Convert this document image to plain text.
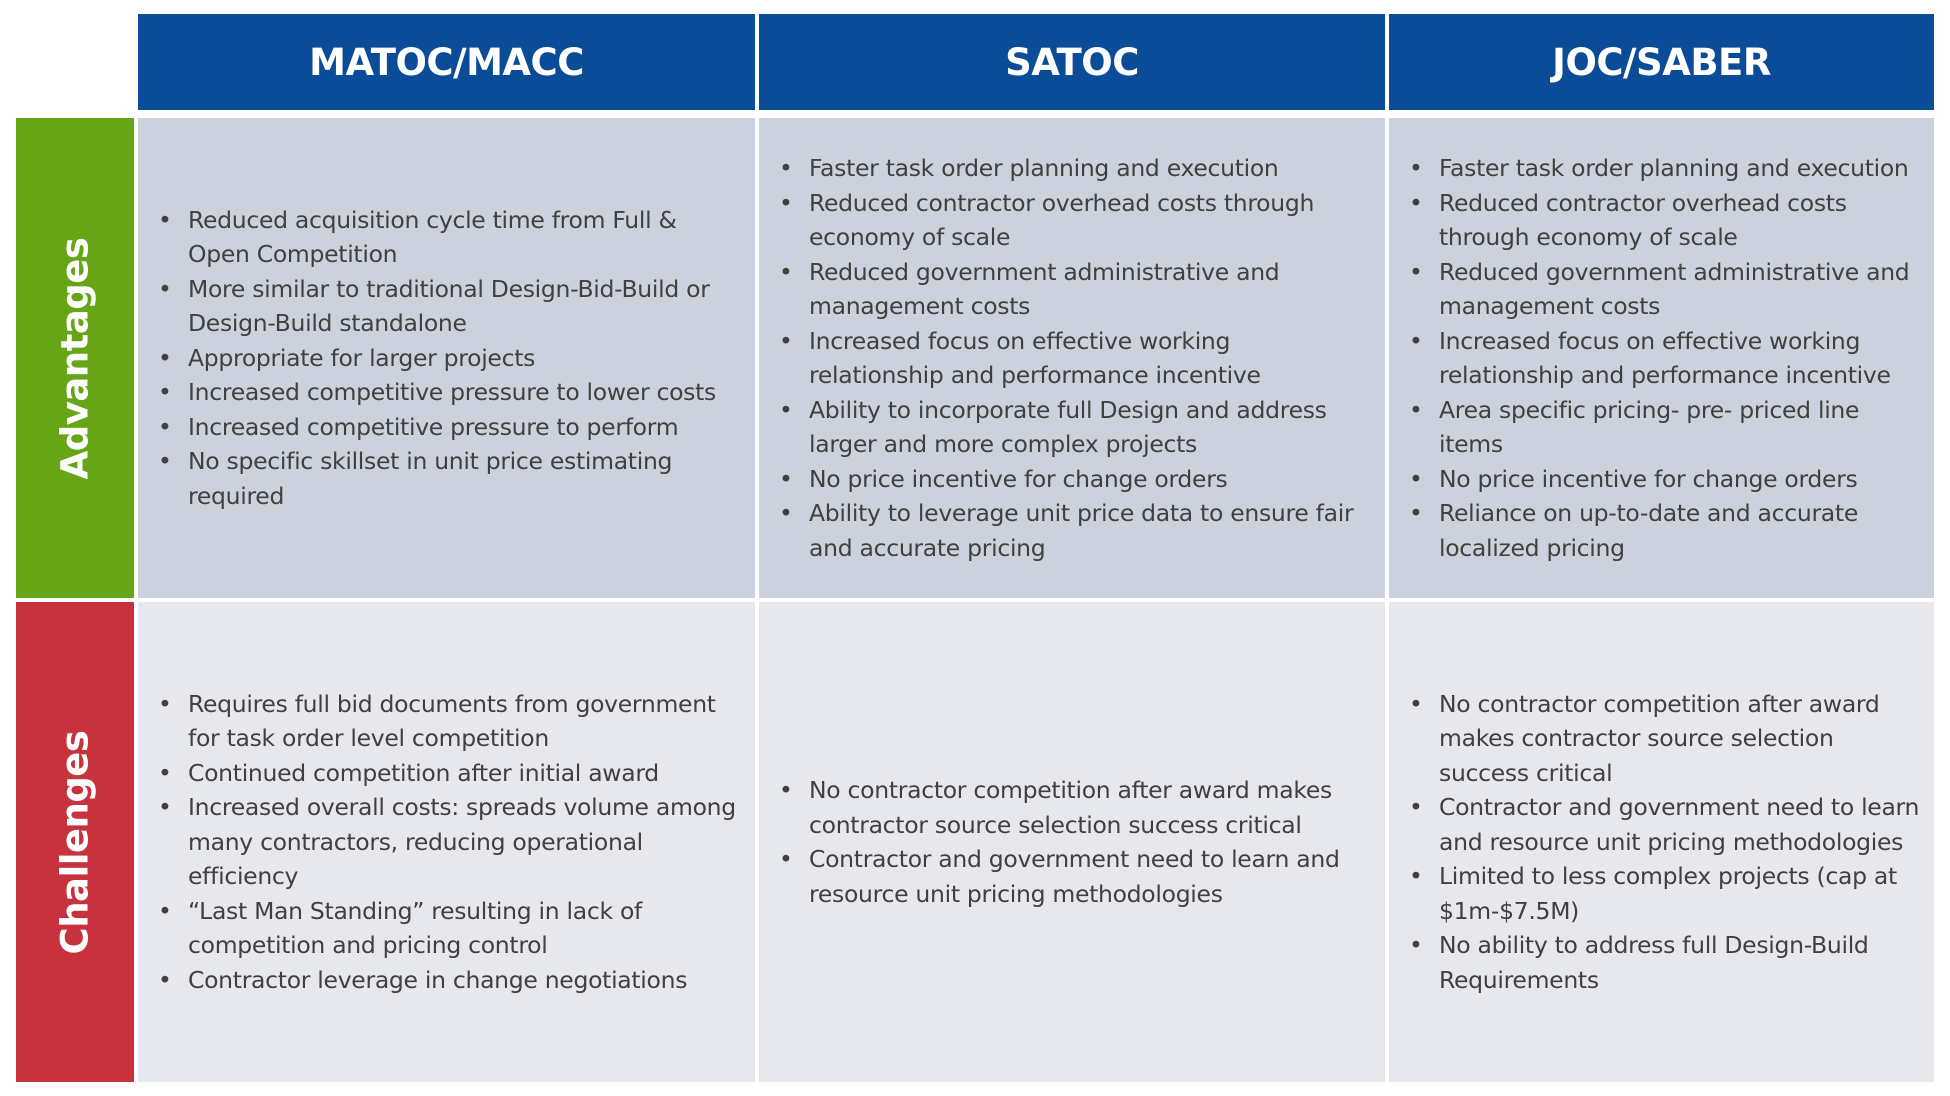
MATOC/MACC	SATOC	JOC/SABER
Advantages
Challenges
• Reduced acquisition cycle time from Full & Open Competition
• More similar to traditional Design-Bid-Build or Design-Build standalone
• Appropriate for larger projects
• Increased competitive pressure to lower costs
• Increased competitive pressure to perform
• No specific skillset in unit price estimating required
• Faster task order planning and execution
• Reduced contractor overhead costs through economy of scale
• Reduced government administrative and management costs
• Increased focus on effective working relationship and performance incentive
• Ability to incorporate full Design and address larger and more complex projects
• No price incentive for change orders
• Ability to leverage unit price data to ensure fair and accurate pricing
• Faster task order planning and execution
• Reduced contractor overhead costs through economy of scale
• Reduced government administrative and management costs
• Increased focus on effective working relationship and performance incentive
• Area specific pricing- pre- priced line items
• No price incentive for change orders
• Reliance on up-to-date and accurate localized pricing
• Requires full bid documents from government for task order level competition
• Continued competition after initial award
• Increased overall costs: spreads volume among many contractors, reducing operational efficiency
• “Last Man Standing” resulting in lack of competition and pricing control
• Contractor leverage in change negotiations
• No contractor competition after award makes contractor source selection success critical
• Contractor and government need to learn and resource unit pricing methodologies
• No contractor competition after award makes contractor source selection success critical
• Contractor and government need to learn and resource unit pricing methodologies
• Limited to less complex projects (cap at $1m-$7.5M)
• No ability to address full Design-Build Requirements
